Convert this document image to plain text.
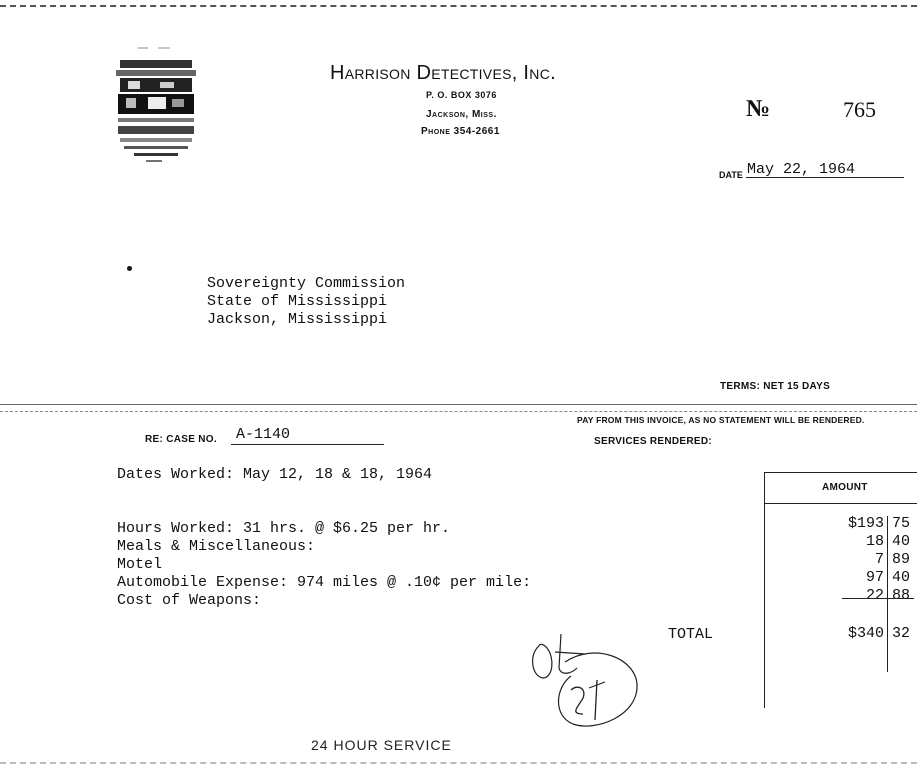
Harrison Detectives, Inc.
P. O. BOX 3076
Jackson, Miss.
Phone 354-2661
№	765
DATE May 22, 1964
Sovereignty Commission
State of Mississippi
Jackson, Mississippi
TERMS: NET 15 DAYS
PAY FROM THIS INVOICE, AS NO STATEMENT WILL BE RENDERED.
SERVICES RENDERED:
RE: CASE NO. A-1140
Dates Worked: May 12, 18 & 18, 1964
Hours Worked: 31 hrs. @ $6.25 per hr.
Meals & Miscellaneous:
Motel
Automobile Expense: 974 miles @ .10¢ per mile:
Cost of Weapons:
AMOUNT
$193 75
18 40
7 89
97 40
22 88
TOTAL	$340 32
24 HOUR SERVICE
